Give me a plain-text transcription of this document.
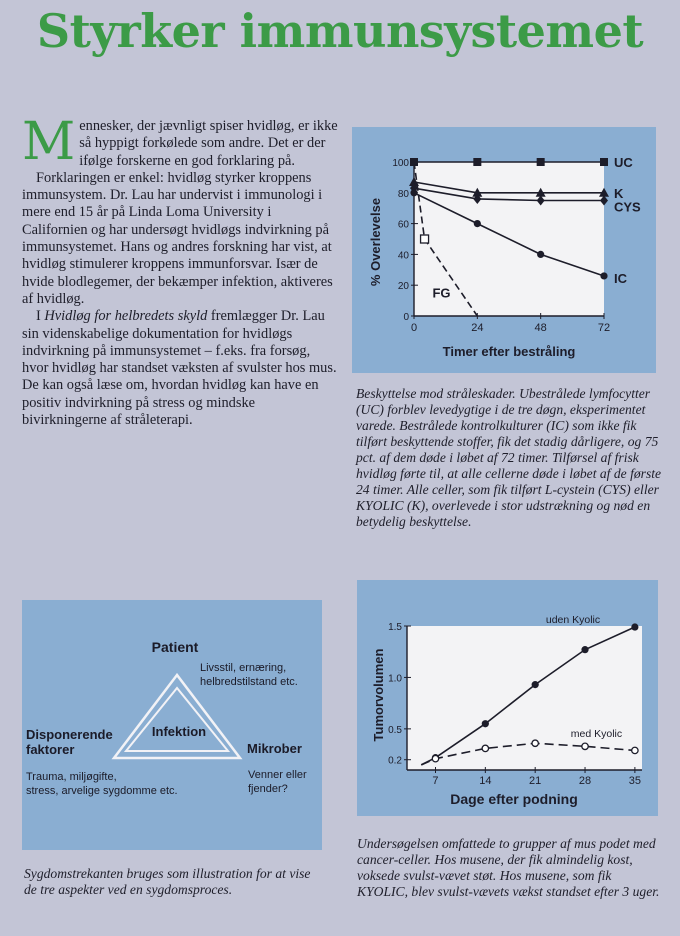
Styrker immunsystemet

Mennesker, der jævnligt spiser hvidløg, er ikke så hyppigt forkølede som andre. Det er der ifølge forskerne en god forklaring på.

Forklaringen er enkel: hvidløg styrker kroppens immunsystem. Dr. Lau har undervist i immunologi i mere end 15 år på Linda Loma University i Californien og har undersøgt hvidløgs indvirkning på immunsystemet. Hans og andres forskning har vist, at hvidløg stimulerer kroppens immunforsvar. Især de hvide blodlegemer, der bekæmper infektion, aktiveres af hvidløg.

I Hvidløg for helbredets skyld fremlægger Dr. Lau sin videnskabelige dokumentation for hvidløgs indvirkning på immunsystemet – f.eks. fra forsøg, hvor hvidløg har standset væksten af svulster hos mus. De kan også læse om, hvordan hvidløg kan have en positiv indvirkning på stress og mindske bivirkningerne af stråleterapi.

0
20
40
60
80
100
0	24	48	72
UC
K
CYS
IC
FG
% Overlevelse
Timer efter bestråling
Beskyttelse mod stråleskader. Ubestrålede lymfocytter (UC) forblev levedygtige i de tre døgn, eksperimentet varede. Bestrålede kontrolkulturer (IC) som ikke fik tilført beskyttende stoffer, fik det stadig dårligere, og 75 pct. af dem døde i løbet af 72 timer. Tilførsel af frisk hvidløg førte til, at alle cellerne døde i løbet af de første 24 timer. Alle celler, som fik tilført L-cystein (CYS) eller KYOLIC (K), overlevede i stor udstrækning og nød en betydelig beskyttelse.
0.2
0.5
1.0
1.5
7	14	21	28	35
uden Kyolic
med Kyolic
Tumorvolumen
Dage efter podning
Undersøgelsen omfattede to grupper af mus podet med cancer-celler. Hos musene, der fik almindelig kost, voksede svulst-vævet støt. Hos musene, som fik KYOLIC, blev svulst-vævets vækst standset efter 3 uger.
Infektion
Patient
Livsstil, ernæring,
helbredstilstand etc.
Disponerende
faktorer
Trauma, miljøgifte,
stress, arvelige sygdomme etc.
Mikrober
Venner eller
fjender?
Sygdomstrekanten bruges som illustration for at vise de tre aspekter ved en sygdomsproces.
